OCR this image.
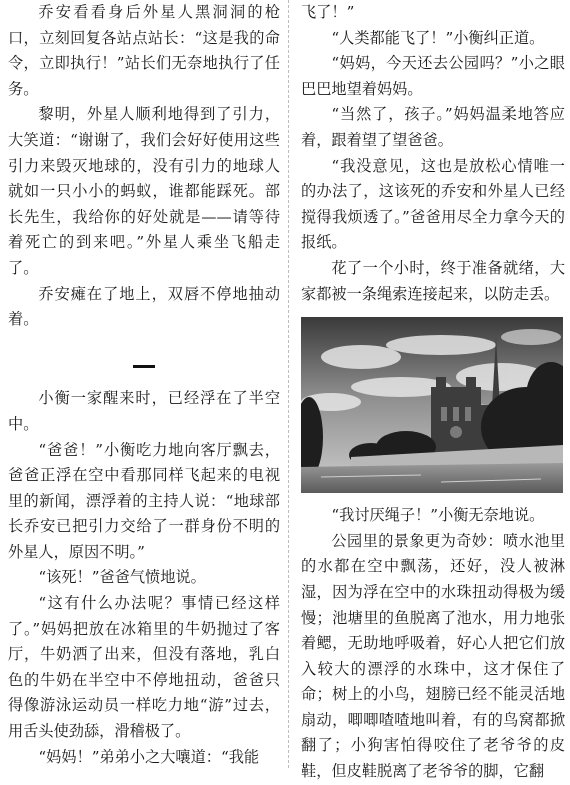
乔安看看身后外星人黑洞洞的枪口，立刻回复各站点站长：“这是我的命令，立即执行！”站长们无奈地执行了任务。

黎明，外星人顺利地得到了引力，大笑道：“谢谢了，我们会好好使用这些引力来毁灭地球的，没有引力的地球人就如一只小小的蚂蚁，谁都能踩死。部长先生，我给你的好处就是——请等待着死亡的到来吧。”外星人乘坐飞船走了。

乔安瘫在了地上，双唇不停地抽动着。

小衡一家醒来时，已经浮在了半空中。

“爸爸！”小衡吃力地向客厅飘去，爸爸正浮在空中看那同样飞起来的电视里的新闻，漂浮着的主持人说：“地球部长乔安已把引力交给了一群身份不明的外星人，原因不明。”

“该死！”爸爸气愤地说。

“这有什么办法呢？事情已经这样了。”妈妈把放在冰箱里的牛奶抛过了客厅，牛奶洒了出来，但没有落地，乳白色的牛奶在半空中不停地扭动，爸爸只得像游泳运动员一样吃力地“游”过去，用舌头使劲舔，滑稽极了。

“妈妈！”弟弟小之大嚷道：“我能

飞了！”

“人类都能飞了！”小衡纠正道。

“妈妈，今天还去公园吗？”小之眼巴巴地望着妈妈。

“当然了，孩子。”妈妈温柔地答应着，跟着望了望爸爸。

“我没意见，这也是放松心情唯一的办法了，这该死的乔安和外星人已经搅得我烦透了。”爸爸用尽全力拿今天的报纸。

花了一个小时，终于准备就绪，大家都被一条绳索连接起来，以防走丢。

“我讨厌绳子！”小衡无奈地说。

公园里的景象更为奇妙：喷水池里的水都在空中飘荡，还好，没人被淋湿，因为浮在空中的水珠扭动得极为缓慢；池塘里的鱼脱离了池水，用力地张着鳃，无助地呼吸着，好心人把它们放入较大的漂浮的水珠中，这才保住了命；树上的小鸟，翅膀已经不能灵活地扇动，唧唧喳喳地叫着，有的鸟窝都掀翻了；小狗害怕得咬住了老爷爷的皮鞋，但皮鞋脱离了老爷爷的脚，它翻
